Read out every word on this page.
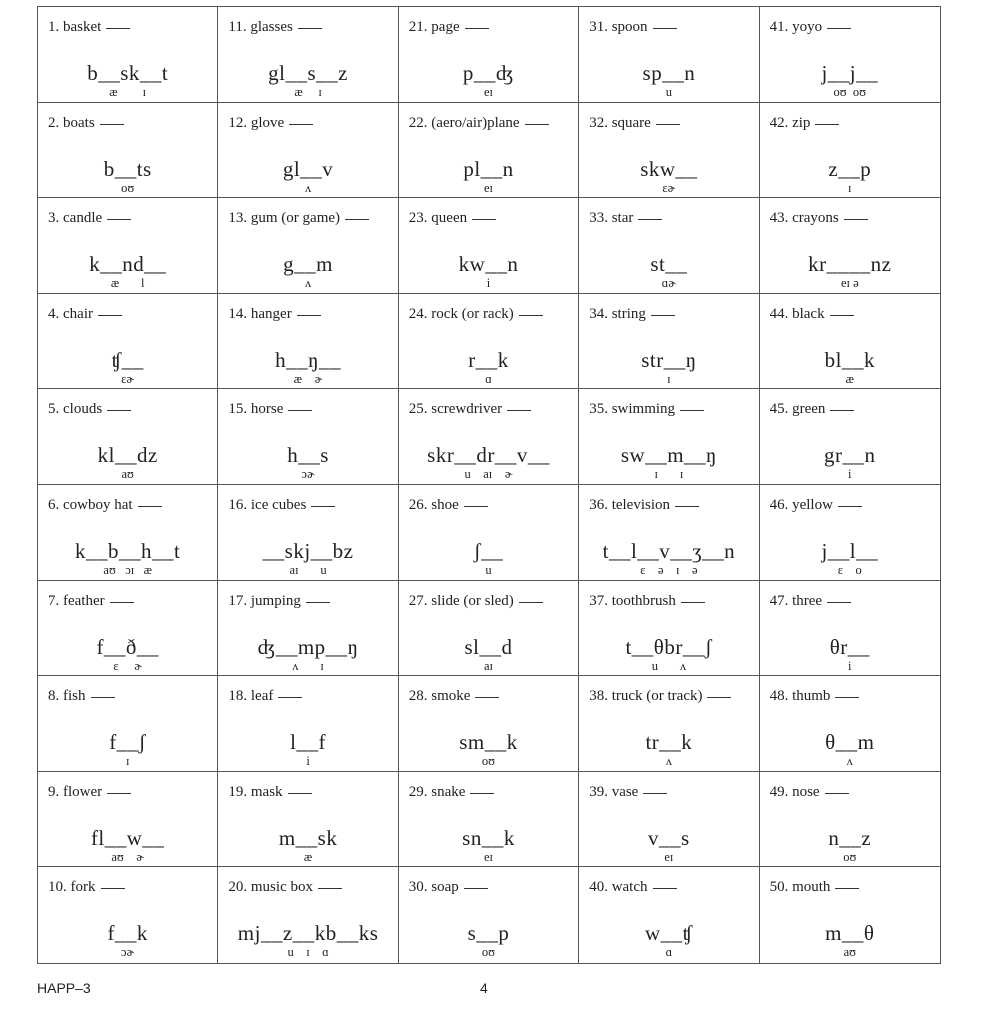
1. basket
b__sk__t
æ        ɪ
11. glasses
gl__s__z
æ     ɪ
21. page
p__ʤ
eɪ
31. spoon
sp__n
u
41. yoyo
j__j__
oʊ  oʊ
2. boats
b__ts
oʊ
12. glove
gl__v
ʌ
22. (aero/air)plane
pl__n
eɪ
32. square
skw__
ɛɚ
42. zip
z__p
ɪ
3. candle
k__nd__
æ       l
13. gum (or game)
g__m
ʌ
23. queen
kw__n
i
33. star
st__
ɑɚ
43. crayons
kr____nz
eɪ ə
4. chair
ʧ__
ɛɚ
14. hanger
h__ŋ__
æ    ɚ
24. rock (or rack)
r__k
ɑ
34. string
str__ŋ
ɪ
44. black
bl__k
æ
5. clouds
kl__dz
aʊ
15. horse
h__s
ɔɚ
25. screwdriver
skr__dr__v__
u    aɪ    ɚ
35. swimming
sw__m__ŋ
ɪ       ɪ
45. green
gr__n
i
6. cowboy hat
k__b__h__t
aʊ   ɔɪ   æ
16. ice cubes
__skj__bz
aɪ       u
26. shoe
ʃ__
u
36. television
t__l__v__ʒ__n
ɛ    ə    ɪ    ə
46. yellow
j__l__
ɛ    o
7. feather
f__ð__
ɛ     ɚ
17. jumping
ʤ__mp__ŋ
ʌ       ɪ
27. slide (or sled)
sl__d
aɪ
37. toothbrush
t__θbr__ʃ
u       ʌ
47. three
θr__
i
8. fish
f__ʃ
ɪ
18. leaf
l__f
i
28. smoke
sm__k
oʊ
38. truck (or track)
tr__k
ʌ
48. thumb
θ__m
ʌ
9. flower
fl__w__
aʊ    ɚ
19. mask
m__sk
æ
29. snake
sn__k
eɪ
39. vase
v__s
eɪ
49. nose
n__z
oʊ
10. fork
f__k
ɔɚ
20. music box
mj__z__kb__ks
u    ɪ    ɑ
30. soap
s__p
oʊ
40. watch
w__ʧ
ɑ
50. mouth
m__θ
aʊ
HAPP–3	4
